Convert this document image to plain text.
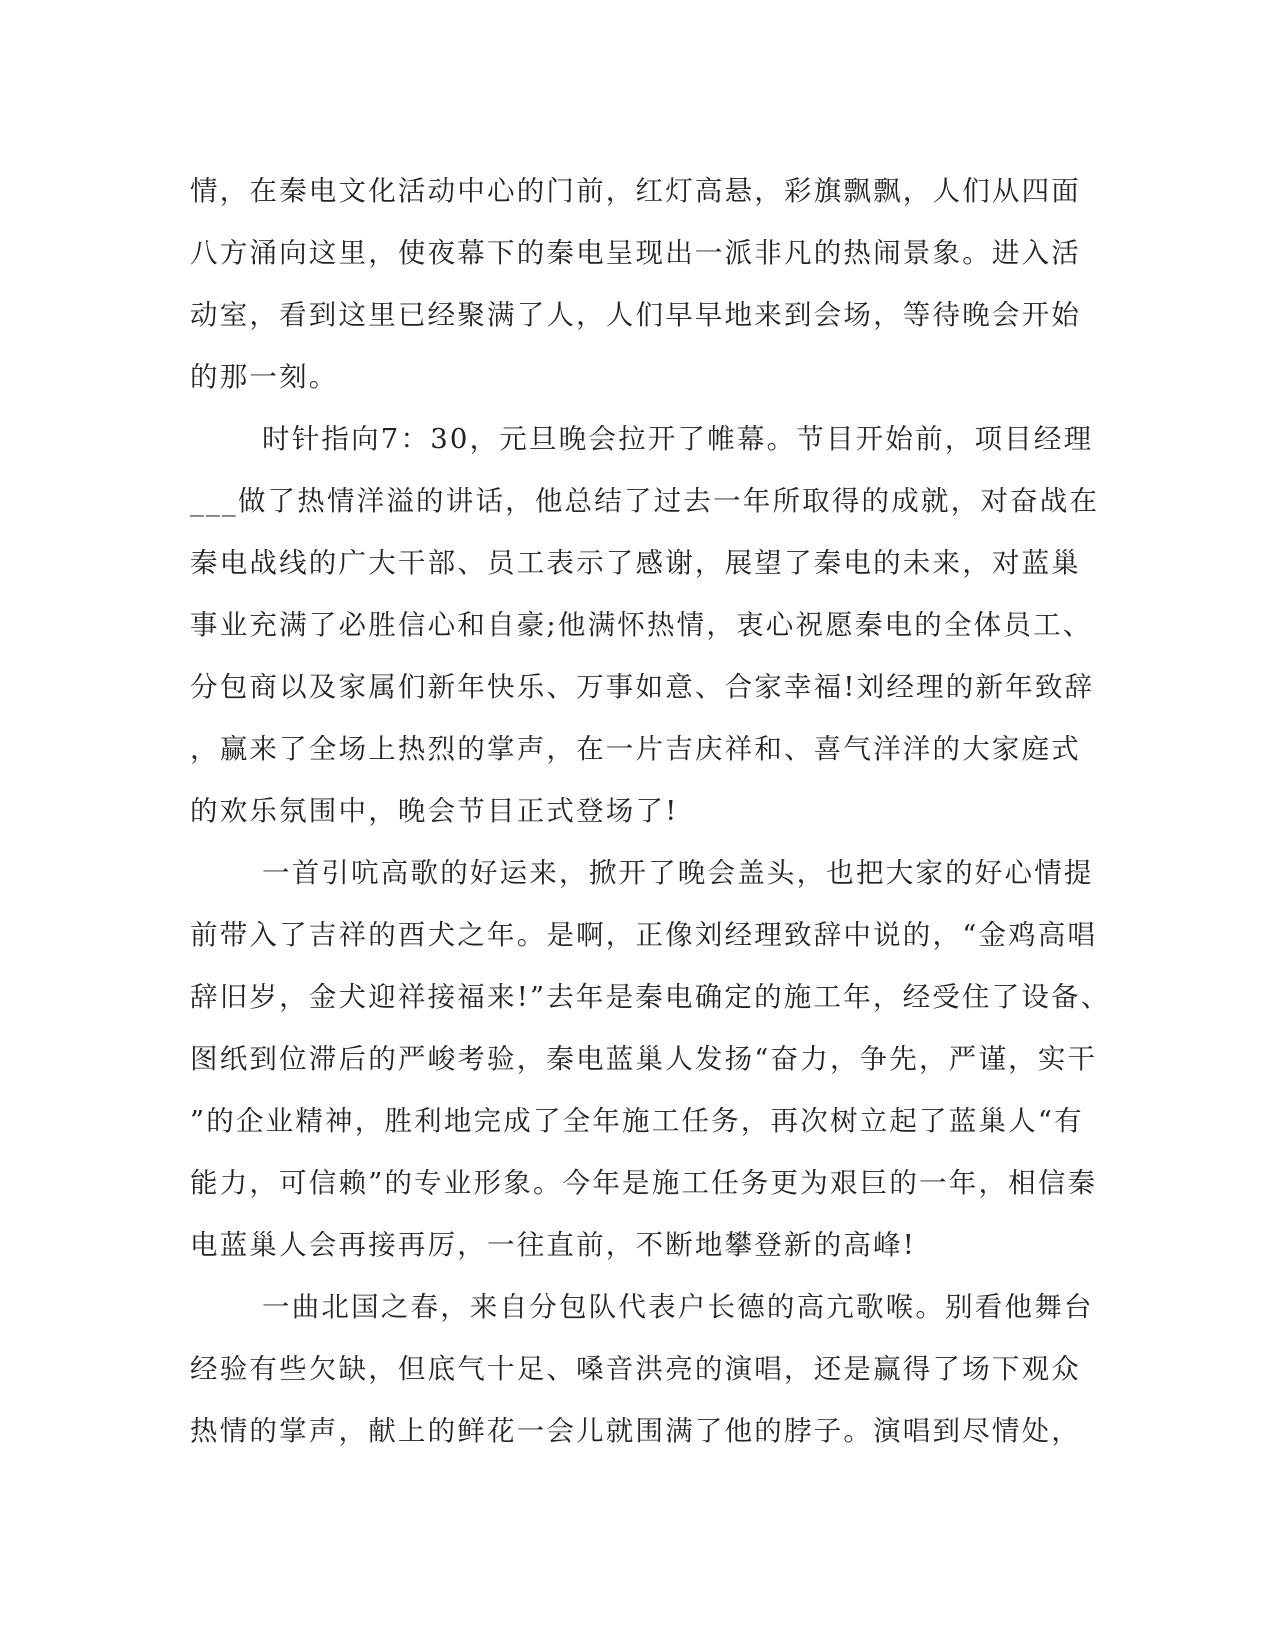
情，在秦电文化活动中心的门前，红灯高悬，彩旗飘飘，人们从四面
八方涌向这里，使夜幕下的秦电呈现出一派非凡的热闹景象。进入活
动室，看到这里已经聚满了人，人们早早地来到会场，等待晚会开始
的那一刻。
时针指向7：30，元旦晚会拉开了帷幕。节目开始前，项目经理
___做了热情洋溢的讲话，他总结了过去一年所取得的成就，对奋战在
秦电战线的广大干部、员工表示了感谢，展望了秦电的未来，对蓝巢
事业充满了必胜信心和自豪;他满怀热情，衷心祝愿秦电的全体员工、
分包商以及家属们新年快乐、万事如意、合家幸福!刘经理的新年致辞
，赢来了全场上热烈的掌声，在一片吉庆祥和、喜气洋洋的大家庭式
的欢乐氛围中，晚会节目正式登场了!
一首引吭高歌的好运来，掀开了晚会盖头，也把大家的好心情提
前带入了吉祥的酉犬之年。是啊，正像刘经理致辞中说的，“金鸡高唱
辞旧岁，金犬迎祥接福来!”去年是秦电确定的施工年，经受住了设备、
图纸到位滞后的严峻考验，秦电蓝巢人发扬“奋力，争先，严谨，实干
”的企业精神，胜利地完成了全年施工任务，再次树立起了蓝巢人“有
能力，可信赖”的专业形象。今年是施工任务更为艰巨的一年，相信秦
电蓝巢人会再接再厉，一往直前，不断地攀登新的高峰!
一曲北国之春，来自分包队代表户长德的高亢歌喉。别看他舞台
经验有些欠缺，但底气十足、嗓音洪亮的演唱，还是赢得了场下观众
热情的掌声，献上的鲜花一会儿就围满了他的脖子。演唱到尽情处，
